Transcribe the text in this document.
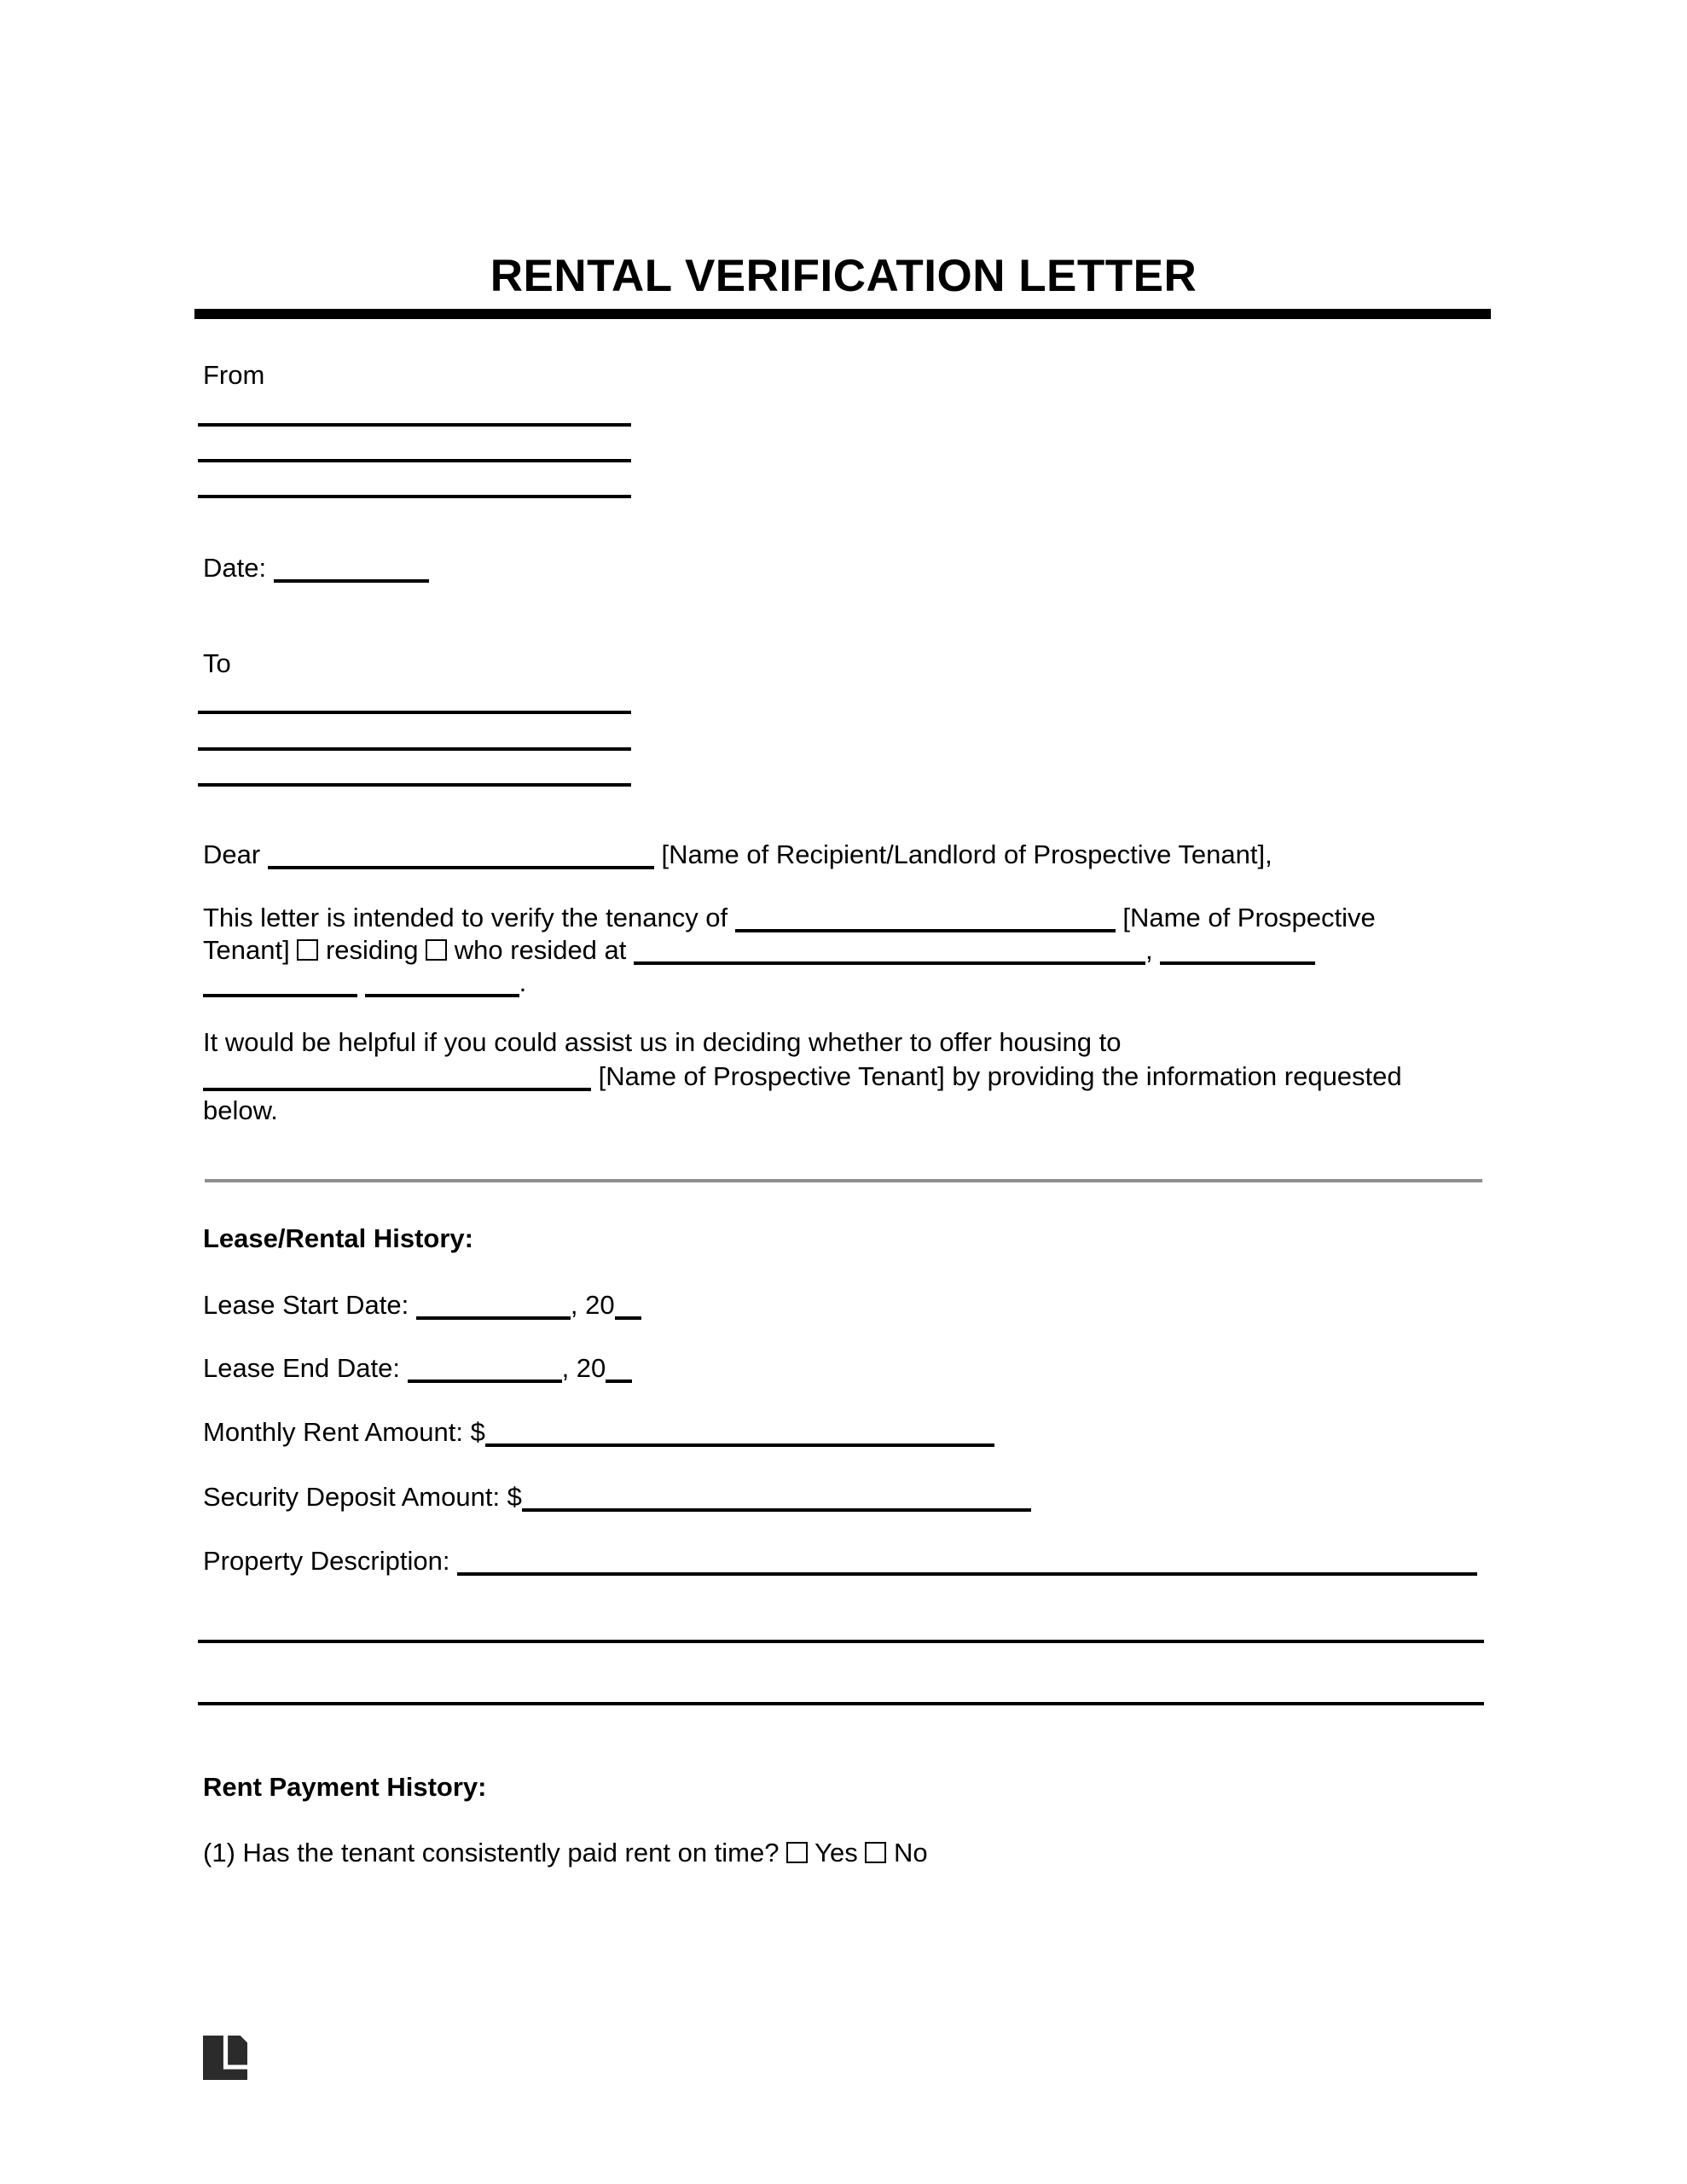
RENTAL VERIFICATION LETTER
From
Date:
To
Dear	[Name of Recipient/Landlord of Prospective Tenant],
This letter is intended to verify the tenancy of	[Name of Prospective
Tenant] residing who resided at	,
.
It would be helpful if you could assist us in deciding whether to offer housing to
[Name of Prospective Tenant] by providing the information requested
below.
Lease/Rental History:
Lease Start Date:	, 20
Lease End Date:	, 20
Monthly Rent Amount: $
Security Deposit Amount: $
Property Description:
Rent Payment History:
(1) Has the tenant consistently paid rent on time? Yes No
